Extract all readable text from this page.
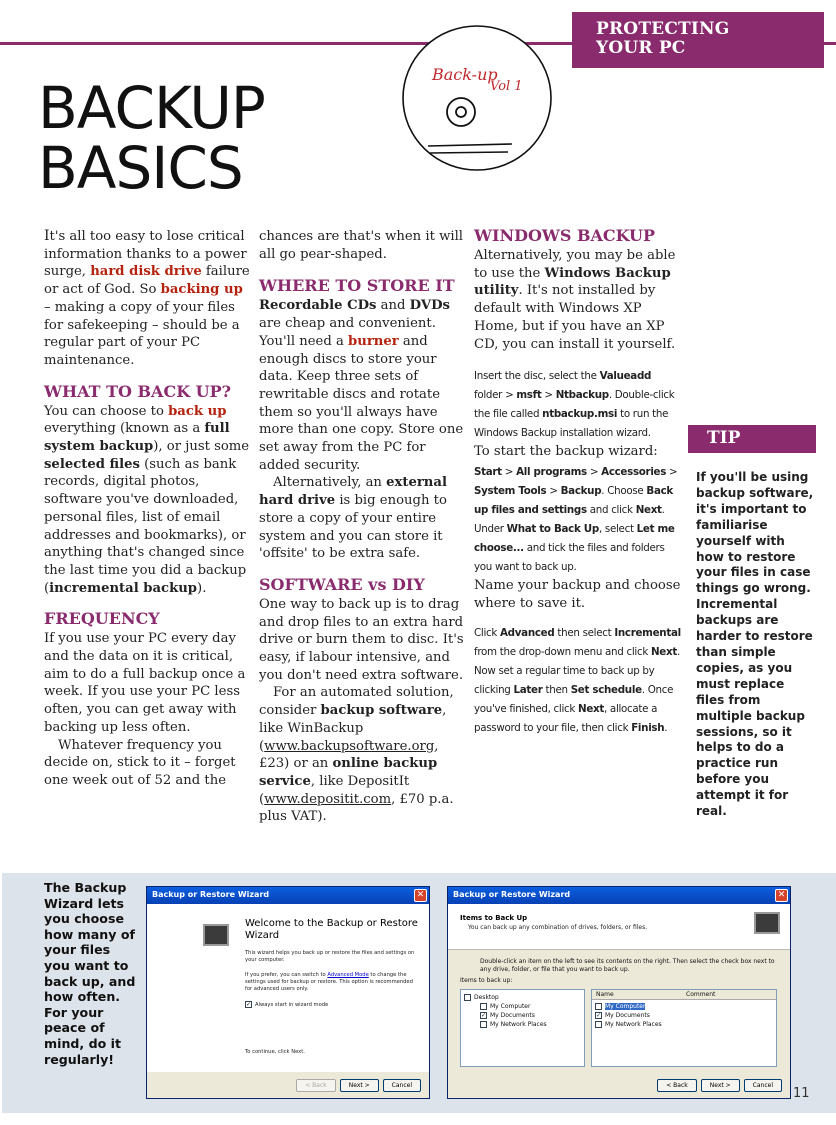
PROTECTING
YOUR PC
BACKUP
BASICS
Back-up
Vol 1

It's all too easy to lose critical information thanks to a power surge, hard disk drive failure or act of God. So backing up – making a copy of your files for safekeeping – should be a regular part of your PC maintenance.

WHAT TO BACK UP?

You can choose to back up everything (known as a full system backup), or just some selected files (such as bank records, digital photos, software you've downloaded, personal files, list of email addresses and bookmarks), or anything that's changed since the last time you did a backup (incremental backup).

FREQUENCY

If you use your PC every day and the data on it is critical, aim to do a full backup once a week. If you use your PC less often, you can get away with backing up less often.

Whatever frequency you decide on, stick to it – forget one week out of 52 and the

chances are that's when it will all go pear-shaped.

WHERE TO STORE IT

Recordable CDs and DVDs are cheap and convenient. You'll need a burner and enough discs to store your data. Keep three sets of rewritable discs and rotate them so you'll always have more than one copy. Store one set away from the PC for added security.

Alternatively, an external hard drive is big enough to store a copy of your entire system and you can store it 'offsite' to be extra safe.

SOFTWARE vs DIY

One way to back up is to drag and drop files to an extra hard drive or burn them to disc. It's easy, if labour intensive, and you don't need extra software.

For an automated solution, consider backup software, like WinBackup (www.backupsoftware.org, £23) or an online backup service, like DepositIt (www.depositit.com, £70 p.a. plus VAT).

WINDOWS BACKUP

Alternatively, you may be able to use the Windows Backup utility. It's not installed by default with Windows XP Home, but if you have an XP CD, you can install it yourself.

Insert the disc, select the Valueadd folder > msft > Ntbackup. Double-click the file called ntbackup.msi to run the Windows Backup installation wizard.

To start the backup wizard:

Start > All programs > Accessories > System Tools > Backup. Choose Back up files and settings and click Next. Under What to Back Up, select Let me choose... and tick the files and folders you want to back up.

Name your backup and choose where to save it.

Click Advanced then select Incremental from the drop-down menu and click Next. Now set a regular time to back up by clicking Later then Set schedule. Once you've finished, click Next, allocate a password to your file, then click Finish.

TIP
If you'll be using backup software, it's important to familiarise yourself with how to restore your files in case things go wrong. Incremental backups are harder to restore than simple copies, as you must replace files from multiple backup sessions, so it helps to do a practice run before you attempt it for real.
The Backup Wizard lets you choose how many of your files you want to back up, and how often. For your peace of mind, do it regularly!
Backup or Restore Wizard	✕
Welcome to the Backup or Restore Wizard
This wizard helps you back up or restore the files and settings on your computer.
If you prefer, you can switch to Advanced Mode to change the settings used for backup or restore. This option is recommended for advanced users only.
✓ Always start in wizard mode
To continue, click Next.
< Back	Next >	Cancel
Backup or Restore Wizard	✕
Items to Back Up
You can back up any combination of drives, folders, or files.
Double-click an item on the left to see its contents on the right. Then select the check box next to any drive, folder, or file that you want to back up.
Items to back up:
Desktop
My Computer
✓ My Documents
My Network Places
Name	Comment
My Computer
✓ My Documents
My Network Places
< Back	Next >	Cancel
11
